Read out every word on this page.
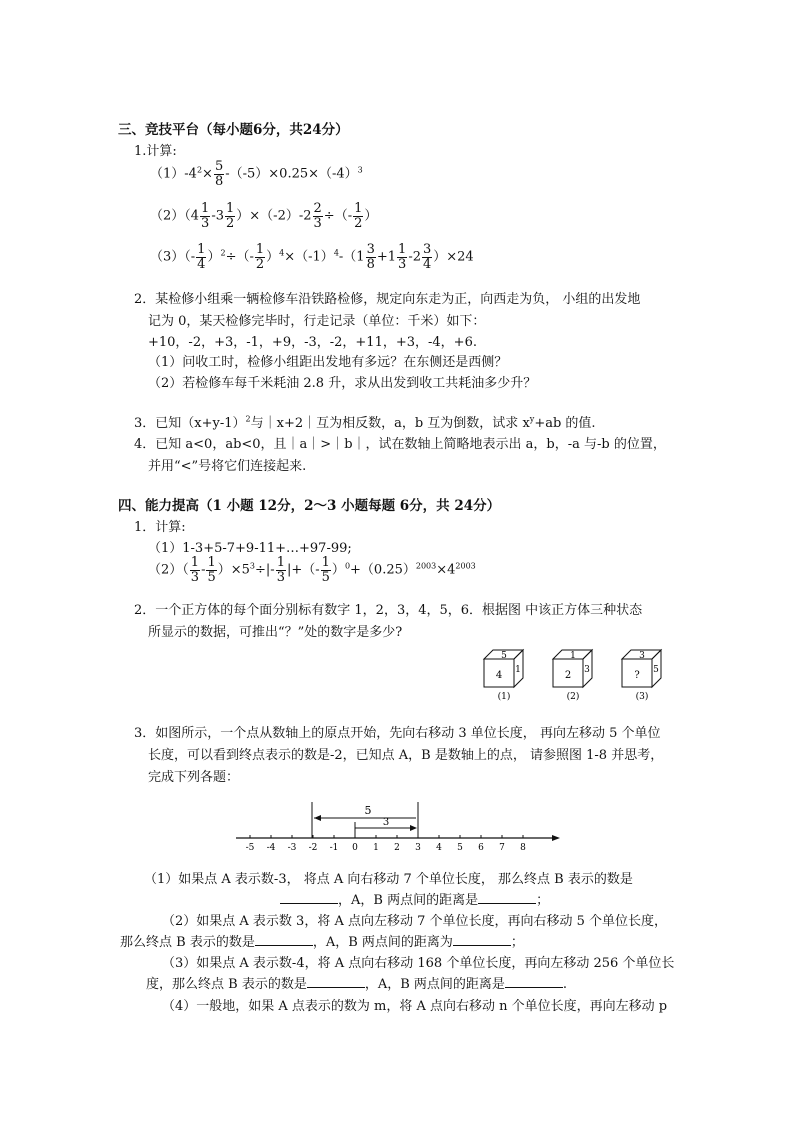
三、竞技平台（每小题6分，共24分）
1.计算:
$(1)-4^2\times \frac{5}{8} -(-5)\times 0.25\times(-4)^3$
$(2)(4 \frac{1}{3} -3 \frac{1}{2} )\times(-2)-2 \frac{2}{3}$ ÷（- $\frac{1}{2}$ ）
$(3)(- \frac{1}{4} )^2\div(- \frac{1}{2} )^4\times(-1)^4-(1 \frac{3}{8} +1 \frac{1}{3} -2 \frac{3}{4} )\times 24$
2．某检修小组乘一辆检修车沿铁路检修，规定向东走为正，向西走为负， 小组的出发地
记为 0，某天检修完毕时，行走记录（单位：千米）如下：
+10，-2，+3，-1，+9，-3，-2，+11，+3，-4，+6.
（1）问收工时，检修小组距出发地有多远？在东侧还是西侧？
（2）若检修车每千米耗油 2.8 升，求从出发到收工共耗油多少升？
3．已知$(x+y-1)^2$与｜x+2｜互为相反数，a，b 互为倒数，试求 $x^y+ab$ 的值.
4．已知 a<0，ab<0，且｜a｜>｜b｜，试在数轴上简略地表示出 a，b，-a 与-b 的位置，
并用“<”号将它们连接起来.
四、能力提高（1 小题 12分，2～3 小题每题 6分，共 24分）
1．计算:
（1）1-3+5-7+9-11+…+97-99;
$(2)( \frac{1}{3} - \frac{1}{5} )\times 5^3\div|- \frac{1}{3}$ |+（- $\frac{1}{5} )^0+(0.25)^{2003}\times 4^{2003}$
2．一个正方体的每个面分别标有数字 1，2，3，4，5，6．根据图 中该正方体三种状态
所显示的数据，可推出“？”处的数字是多少?
5
4 1
(1)
1
2 3
(2)
3
? 5
(3)
3．如图所示，一个点从数轴上的原点开始，先向右移动 3 单位长度， 再向左移动 5 个单位
长度，可以看到终点表示的数是-2，已知点 A，B 是数轴上的点， 请参照图 1-8 并思考，
完成下列各题：
5
3
-5 -4 -3 -2 -1 0 1 2 3 4 5 6 7 8
（1）如果点 A 表示数-3， 将点 A 向右移动 7 个单位长度， 那么终点 B 表示的数是
，A，B 两点间的距离是	；
（2）如果点 A 表示数 3，将 A 点向左移动 7 个单位长度，再向右移动 5 个单位长度，
那么终点 B 表示的数是	，A，B 两点间的距离为	；
（3）如果点 A 表示数-4，将 A 点向右移动 168 个单位长度，再向左移动 256 个单位长
度，那么终点 B 表示的数是	，A，B 两点间的距离是	.
（4）一般地，如果 A 点表示的数为 m，将 A 点向右移动 n 个单位长度，再向左移动 p
